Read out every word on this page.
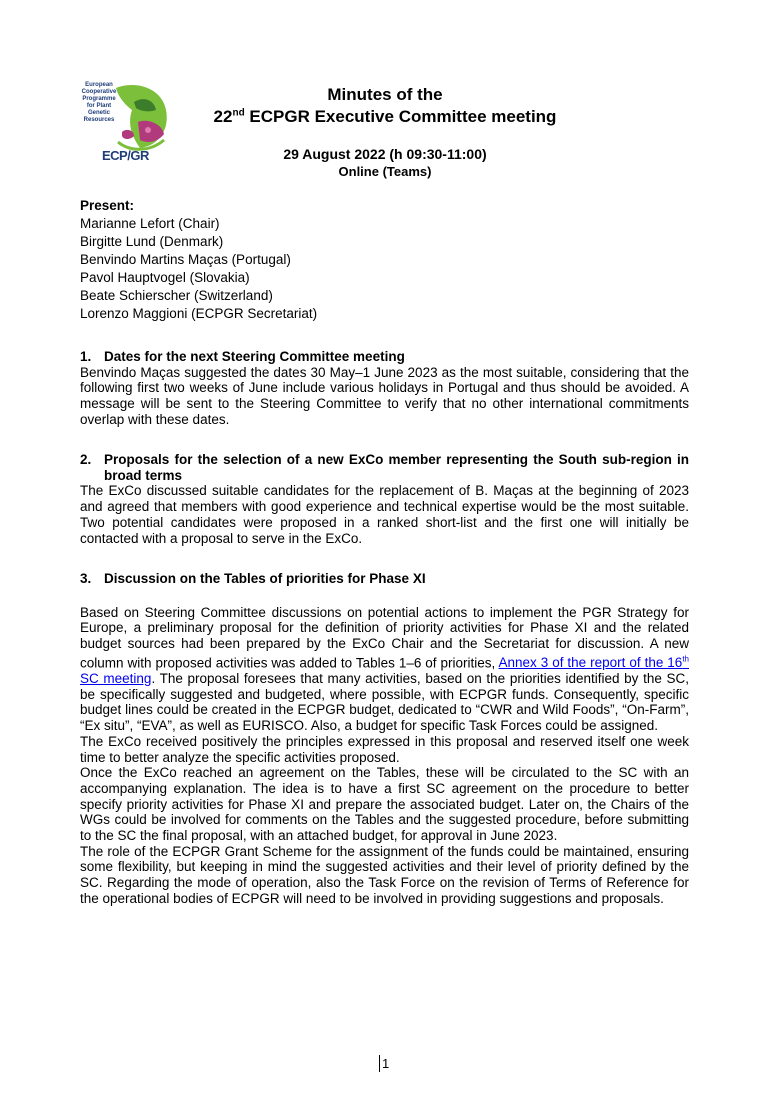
European
Cooperative
Programme
for Plant
Genetic
Resources
ECP/GR
Minutes of the
22nd ECPGR Executive Committee meeting
29 August 2022 (h 09:30-11:00)
Online (Teams)
Present:
Marianne Lefort (Chair)
Birgitte Lund (Denmark)
Benvindo Martins Maças (Portugal)
Pavol Hauptvogel (Slovakia)
Beate Schierscher (Switzerland)
Lorenzo Maggioni (ECPGR Secretariat)
1. Dates for the next Steering Committee meeting
Benvindo Maças suggested the dates 30 May–1 June 2023 as the most suitable, considering that the following first two weeks of June include various holidays in Portugal and thus should be avoided. A message will be sent to the Steering Committee to verify that no other international commitments overlap with these dates.
2. Proposals for the selection of a new ExCo member representing the South sub-region in broad terms
The ExCo discussed suitable candidates for the replacement of B. Maças at the beginning of 2023 and agreed that members with good experience and technical expertise would be the most suitable. Two potential candidates were proposed in a ranked short-list and the first one will initially be contacted with a proposal to serve in the ExCo.
3. Discussion on the Tables of priorities for Phase XI
Based on Steering Committee discussions on potential actions to implement the PGR Strategy for Europe, a preliminary proposal for the definition of priority activities for Phase XI and the related budget sources had been prepared by the ExCo Chair and the Secretariat for discussion. A new column with proposed activities was added to Tables 1–6 of priorities, Annex 3 of the report of the 16th SC meeting. The proposal foresees that many activities, based on the priorities identified by the SC, be specifically suggested and budgeted, where possible, with ECPGR funds. Consequently, specific budget lines could be created in the ECPGR budget, dedicated to “CWR and Wild Foods”, “On-Farm”, “Ex situ”, “EVA”, as well as EURISCO. Also, a budget for specific Task Forces could be assigned.
The ExCo received positively the principles expressed in this proposal and reserved itself one week time to better analyze the specific activities proposed.
Once the ExCo reached an agreement on the Tables, these will be circulated to the SC with an accompanying explanation. The idea is to have a first SC agreement on the procedure to better specify priority activities for Phase XI and prepare the associated budget. Later on, the Chairs of the WGs could be involved for comments on the Tables and the suggested procedure, before submitting to the SC the final proposal, with an attached budget, for approval in June 2023.
The role of the ECPGR Grant Scheme for the assignment of the funds could be maintained, ensuring some flexibility, but keeping in mind the suggested activities and their level of priority defined by the SC. Regarding the mode of operation, also the Task Force on the revision of Terms of Reference for the operational bodies of ECPGR will need to be involved in providing suggestions and proposals.
1
